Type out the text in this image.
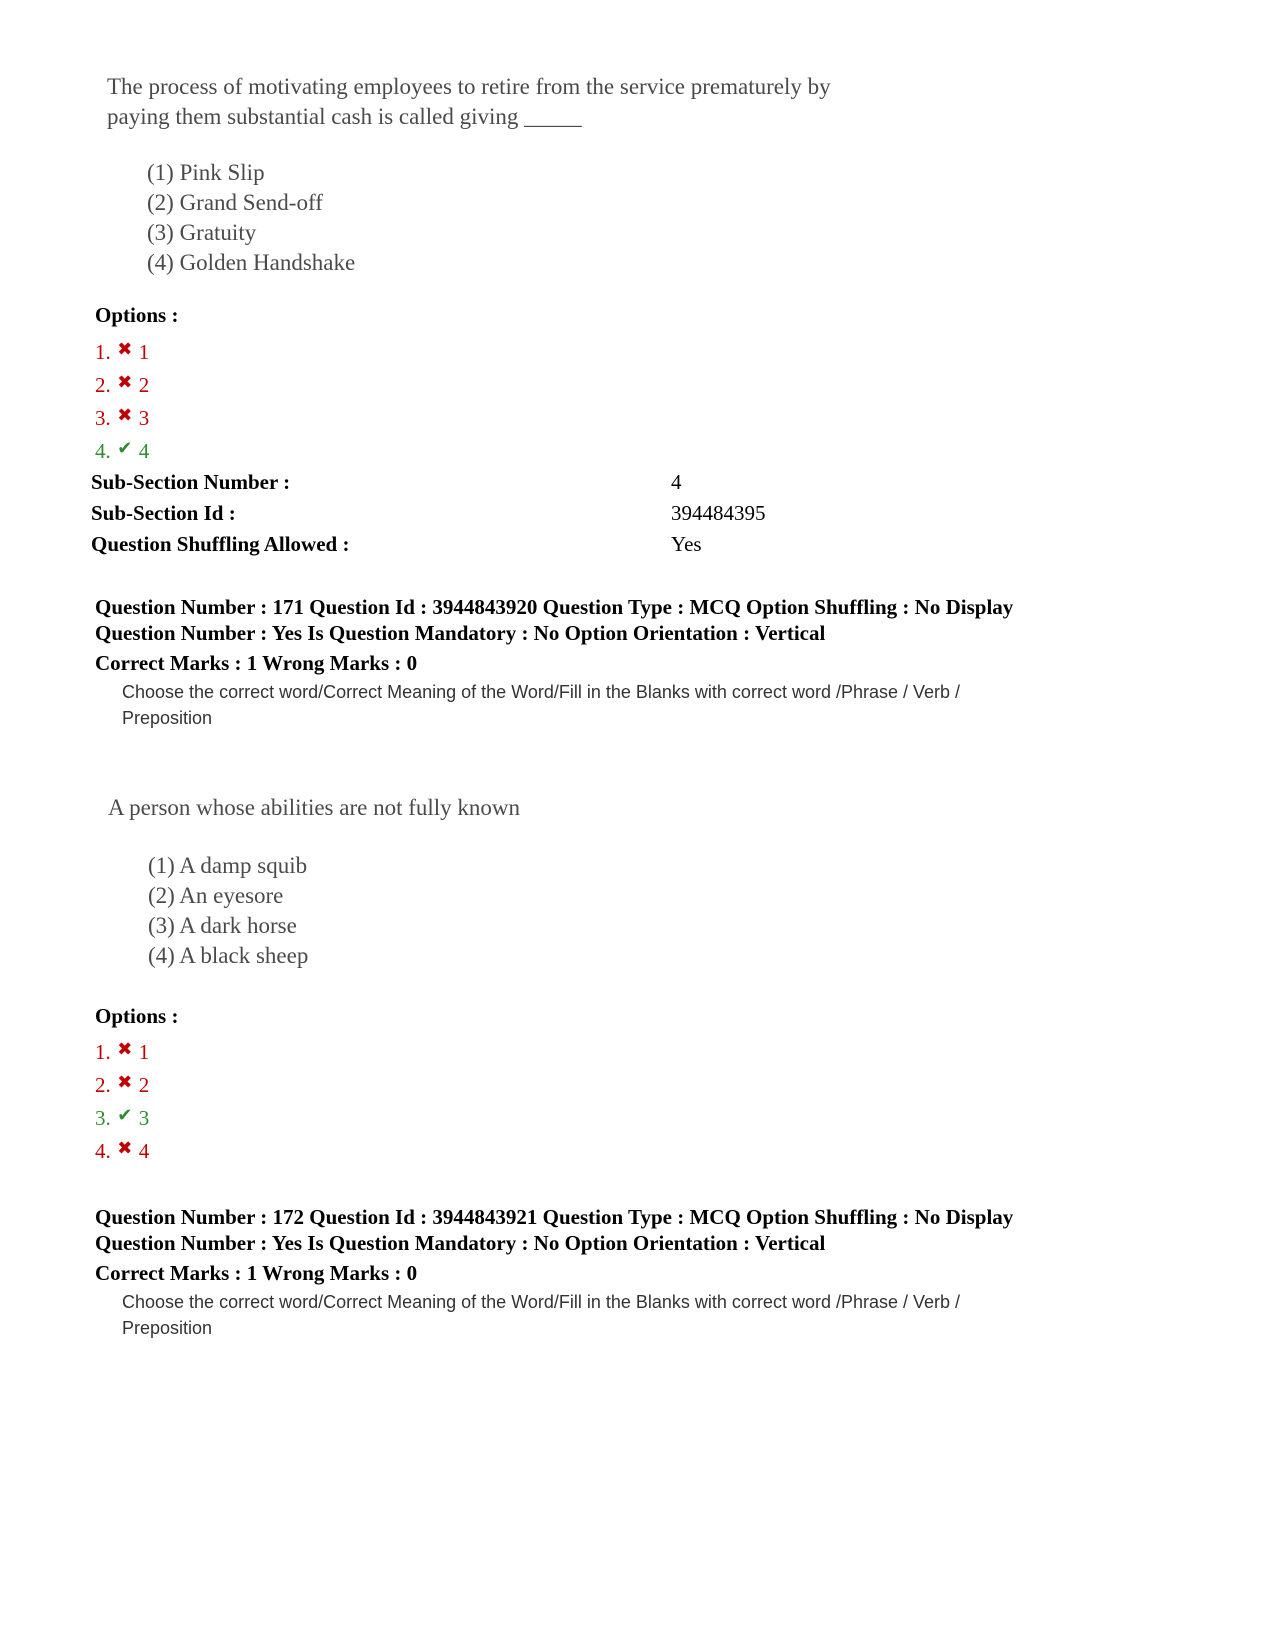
The process of motivating employees to retire from the service prematurely by
paying them substantial cash is called giving _____
(1) Pink Slip
(2) Grand Send-off
(3) Gratuity
(4) Golden Handshake
Options :
1. ✖ 1
2. ✖ 2
3. ✖ 3
4. ✔ 4
Sub-Section Number :	4
Sub-Section Id :	394484395
Question Shuffling Allowed :	Yes
Question Number : 171 Question Id : 3944843920 Question Type : MCQ Option Shuffling : No Display
Question Number : Yes Is Question Mandatory : No Option Orientation : Vertical
Correct Marks : 1 Wrong Marks : 0
Choose the correct word/Correct Meaning of the Word/Fill in the Blanks with correct word /Phrase / Verb /
Preposition
A person whose abilities are not fully known
(1) A damp squib
(2) An eyesore
(3) A dark horse
(4) A black sheep
Options :
1. ✖ 1
2. ✖ 2
3. ✔ 3
4. ✖ 4
Question Number : 172 Question Id : 3944843921 Question Type : MCQ Option Shuffling : No Display
Question Number : Yes Is Question Mandatory : No Option Orientation : Vertical
Correct Marks : 1 Wrong Marks : 0
Choose the correct word/Correct Meaning of the Word/Fill in the Blanks with correct word /Phrase / Verb /
Preposition
